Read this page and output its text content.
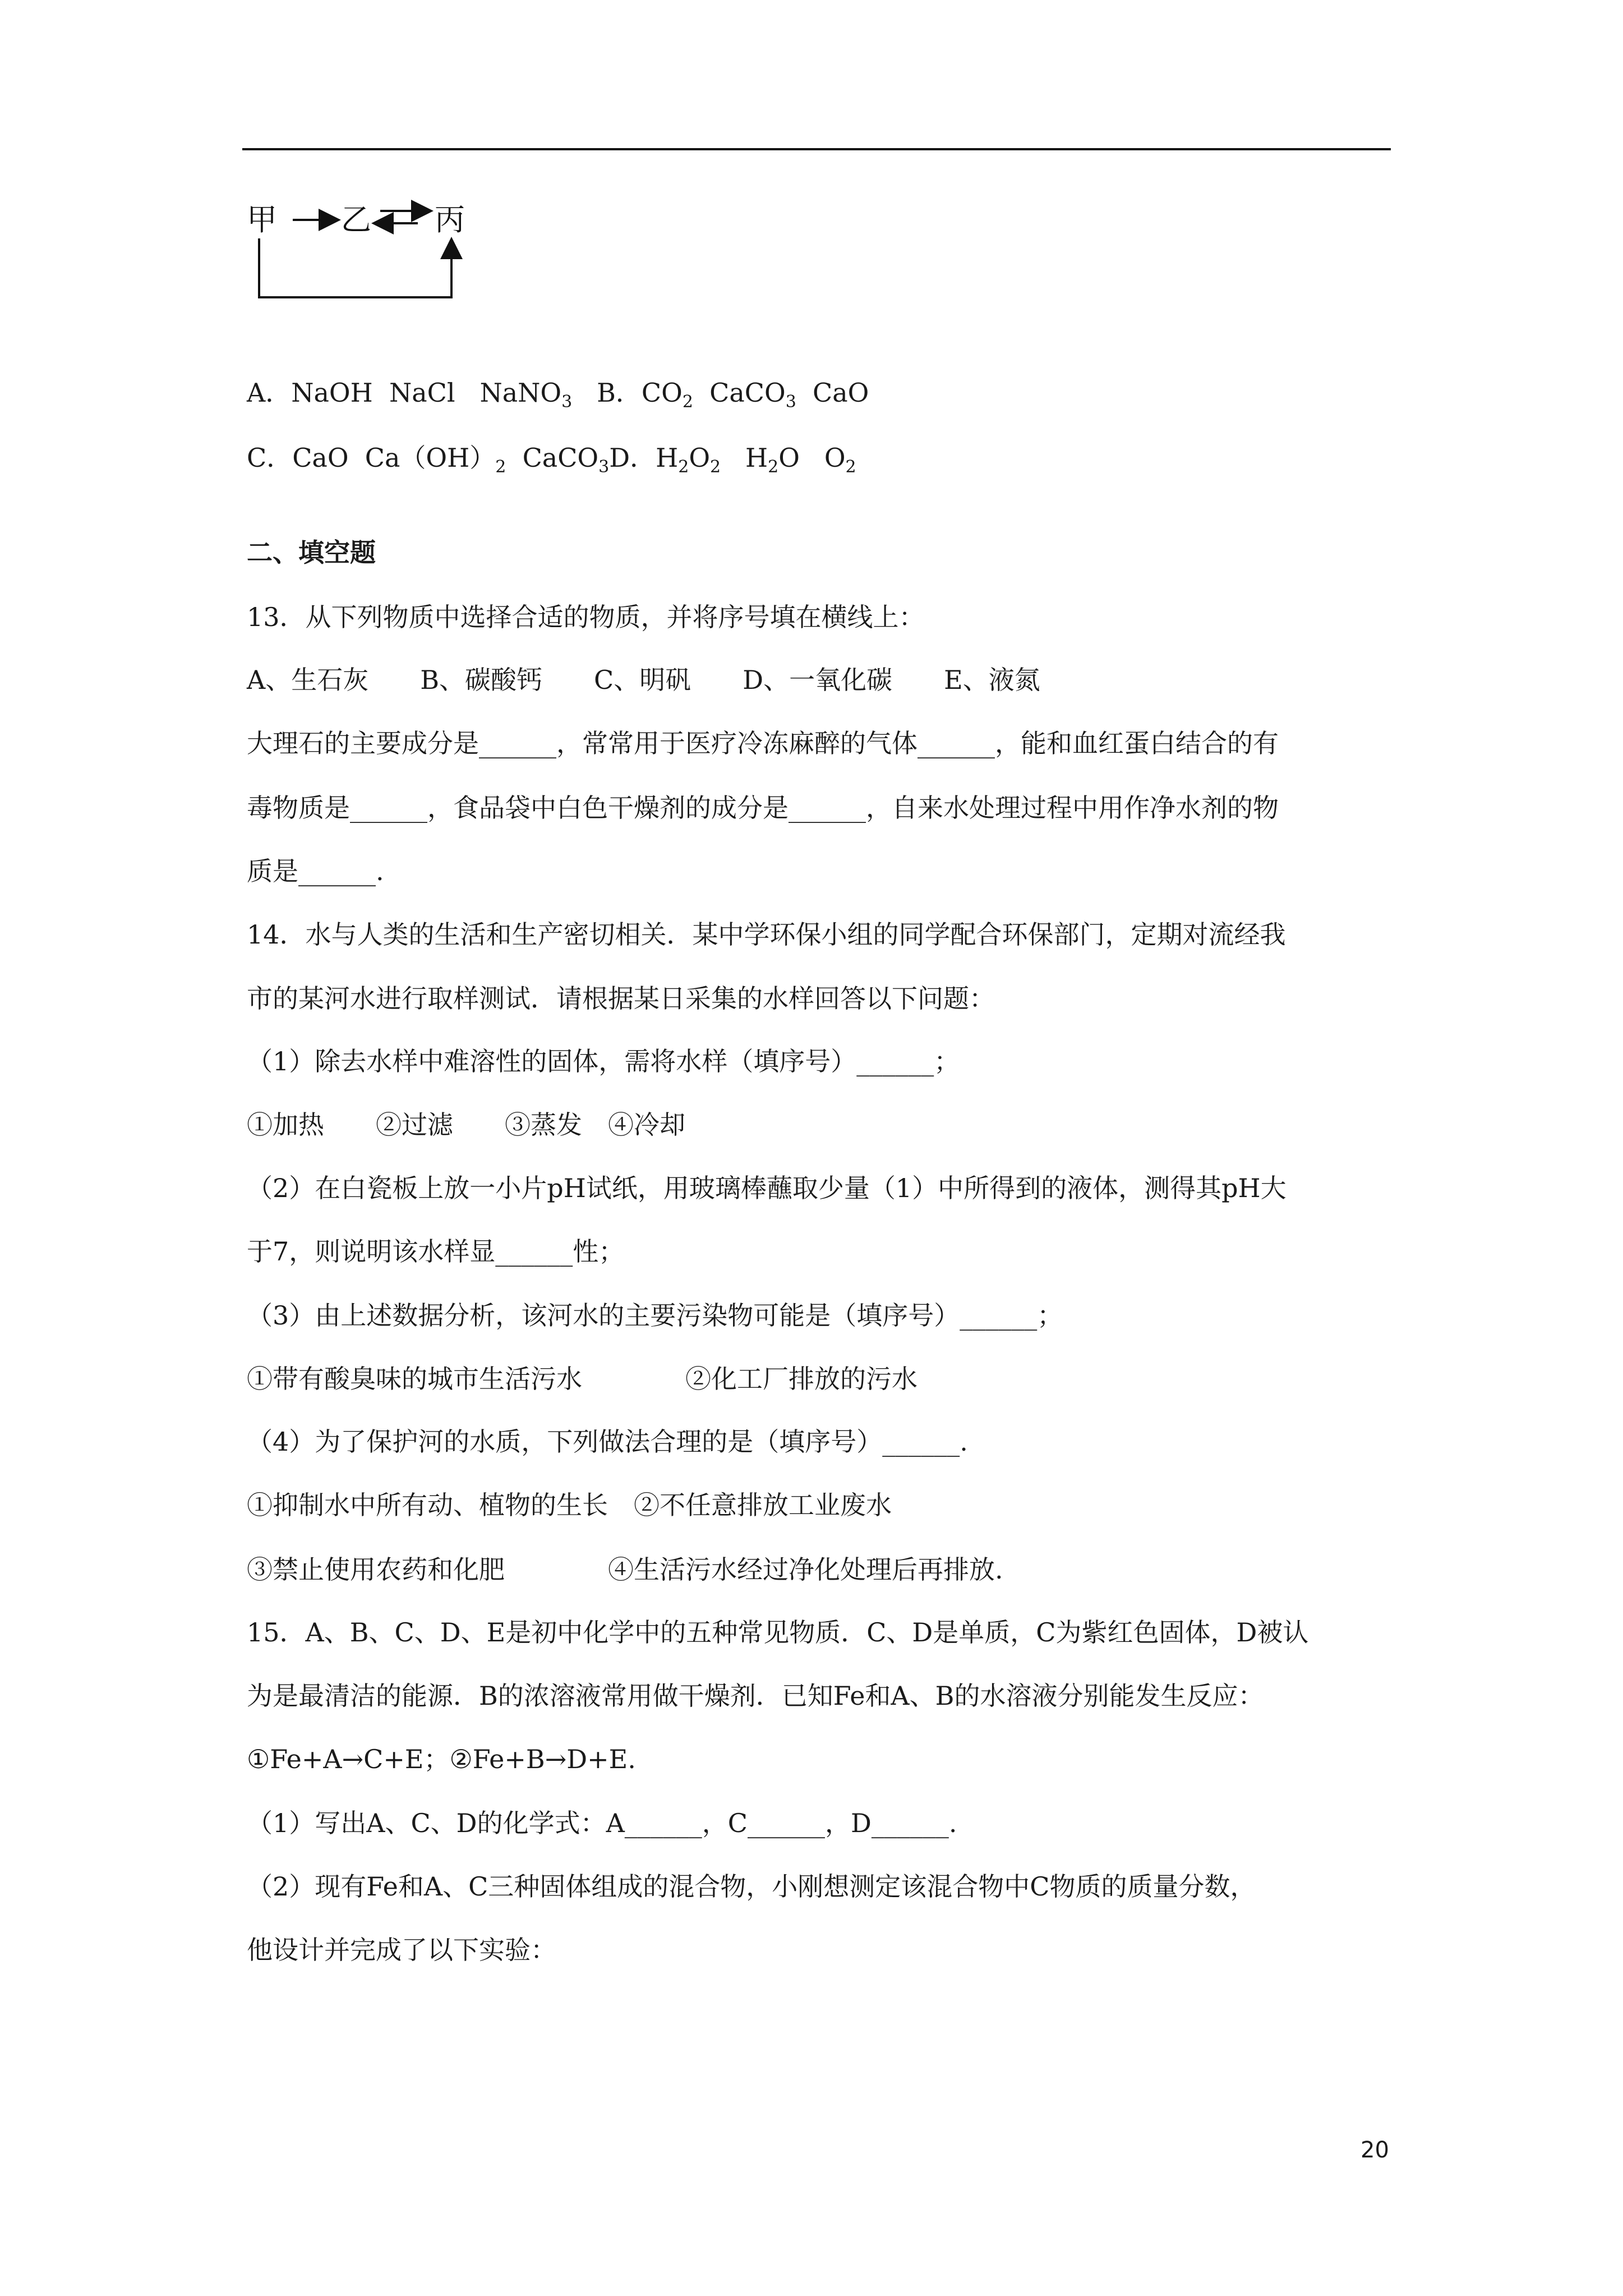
甲 乙 丙

A．NaOH NaCl NaNO$_3$ B．$CO_2$ CaCO$_3$ CaO

C．CaO $Ca(OH)_2$ CaCO$_3$D．$H_2O_2$ $H_2O$ $O_2$

二、填空题
13．从下列物质中选择合适的物质，并将序号填在横线上：
A、生石灰　　 B、碳酸钙　　 C、明矾　　 D、一氧化碳　　 E、液氮
大理石的主要成分是______，常常用于医疗冷冻麻醉的气体______，能和血红蛋白结合的有
毒物质是______，食品袋中白色干燥剂的成分是______，自来水处理过程中用作净水剂的物
质是______.
14．水与人类的生活和生产密切相关．某中学环保小组的同学配合环保部门，定期对流经我
市的某河水进行取样测试．请根据某日采集的水样回答以下问题：
（1）除去水样中难溶性的固体，需将水样（填序号）______；
①加热　　②过滤　　③蒸发　④冷却
（2）在白瓷板上放一小片pH试纸，用玻璃棒蘸取少量（1）中所得到的液体，测得其pH大
于7，则说明该水样显______性；
（3）由上述数据分析，该河水的主要污染物可能是（填序号）______；
①带有酸臭味的城市生活污水　　　　②化工厂排放的污水
（4）为了保护河的水质，下列做法合理的是（填序号）______.
①抑制水中所有动、植物的生长　②不任意排放工业废水
③禁止使用农药和化肥　　　　④生活污水经过净化处理后再排放.
15．A、B、C、D、E是初中化学中的五种常见物质．C、D是单质，C为紫红色固体，D被认
为是最清洁的能源．B的浓溶液常用做干燥剂．已知Fe和A、B的水溶液分别能发生反应：
①Fe+A→C+E；②Fe+B→D+E.
（1）写出A、C、D的化学式：A______，C______，D______.
（2）现有Fe和A、C三种固体组成的混合物，小刚想测定该混合物中C物质的质量分数，
他设计并完成了以下实验：
20
